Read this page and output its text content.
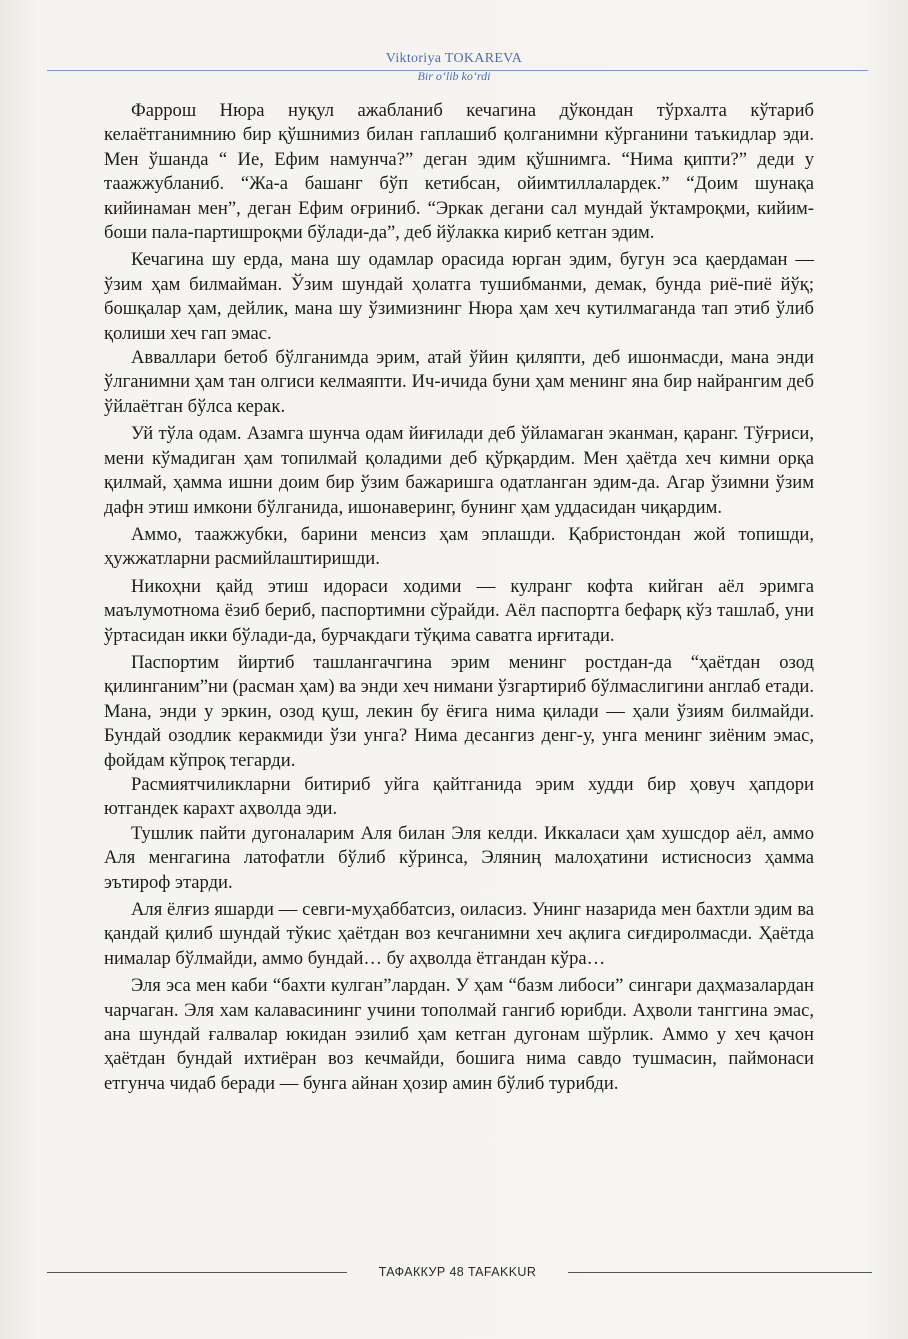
Viktoriya TOKAREVA
Bir o‘lib ko‘rdi

Фаррош Нюра нуқул ажабланиб кечагина дўкондан тўрхалта кўтариб келаётганимнию бир қўшнимиз билан гаплашиб қолганимни кўрганини таъкидлар эди. Мен ўшанда “ Ие, Ефим намунча?” деган эдим қўшнимга. “Нима қипти?” деди у таажжубланиб. “Жа-а башанг бўп кетибсан, ойимтиллалардек.” “Доим шунақа кийинаман мен”, деган Ефим оғриниб. “Эркак дегани сал мундай ўктамроқми, кийим-боши пала-партишроқми бўлади-да”, деб йўлакка кириб кетган эдим.

Кечагина шу ерда, мана шу одамлар орасида юрган эдим, бугун эса қаердаман — ўзим ҳам билмайман. Ўзим шундай ҳолатга тушибманми, демак, бунда риё-пиё йўқ; бошқалар ҳам, дейлик, мана шу ўзимизнинг Нюра ҳам хеч кутилмаганда тап этиб ўлиб қолиши хеч гап эмас.

Авваллари бетоб бўлганимда эрим, атай ўйин қиляпти, деб ишонмасди, мана энди ўлганимни ҳам тан олгиси келмаяпти. Ич-ичида буни ҳам менинг яна бир найрангим деб ўйлаётган бўлса керак.

Уй тўла одам. Азамга шунча одам йиғилади деб ўйламаган эканман, қаранг. Тўғриси, мени кўмадиган ҳам топилмай қоладими деб қўрқардим. Мен ҳаётда хеч кимни орқа қилмай, ҳамма ишни доим бир ўзим бажаришга одатланган эдим-да. Агар ўзимни ўзим дафн этиш имкони бўлганида, ишонаверинг, бунинг ҳам уддасидан чиқардим.

Аммо, таажжубки, барини менсиз ҳам эплашди. Қабристондан жой топишди, ҳужжатларни расмийлаштиришди.

Никоҳни қайд этиш идораси ходими — кулранг кофта кийган аёл эримга маълумотнома ёзиб бериб, паспортимни сўрайди. Аёл паспортга бефарқ кўз ташлаб, уни ўртасидан икки бўлади-да, бурчакдаги тўқима саватга ирғитади.

Паспортим йиртиб ташлангачгина эрим менинг ростдан-да “ҳаётдан озод қилинганим”ни (расман ҳам) ва энди хеч нимани ўзгартириб бўлмаслигини англаб етади. Мана, энди у эркин, озод қуш, лекин бу ёғига нима қилади — ҳали ўзиям билмайди. Бундай озодлик керакмиди ўзи унга? Нима десангиз денг-у, унга менинг зиёним эмас, фойдам кўпроқ тегарди.

Расмиятчиликларни битириб уйга қайтганида эрим худди бир ҳовуч ҳапдори ютгандек карахт аҳволда эди.

Тушлик пайти дугоналарим Аля билан Эля келди. Иккаласи ҳам хушсдор аёл, аммо Аля менгагина латофатли бўлиб кўринса, Эляниң малоҳатини истисносиз ҳамма эътироф этарди.

Аля ёлғиз яшарди — севги-муҳаббатсиз, оиласиз. Унинг назарида мен бахтли эдим ва қандай қилиб шундай тўкис ҳаётдан воз кечганимни хеч ақлига сиғдиролмасди. Ҳаётда нималар бўлмайди, аммо бундай… бу аҳволда ётгандан кўра…

Эля эса мен каби “бахти кулган”лардан. У ҳам “базм либоси” сингари даҳмазалардан чарчаган. Эля хам калавасининг учини тополмай гангиб юрибди. Аҳволи танггина эмас, ана шундай ғалвалар юкидан эзилиб ҳам кетган дугонам шўрлик. Аммо у хеч қачон ҳаётдан бундай ихтиёран воз кечмайди, бошига нима савдо тушмасин, паймонаси етгунча чидаб беради — бунга айнан ҳозир амин бўлиб турибди.

ТАФАККУР 48 TAFAKKUR
